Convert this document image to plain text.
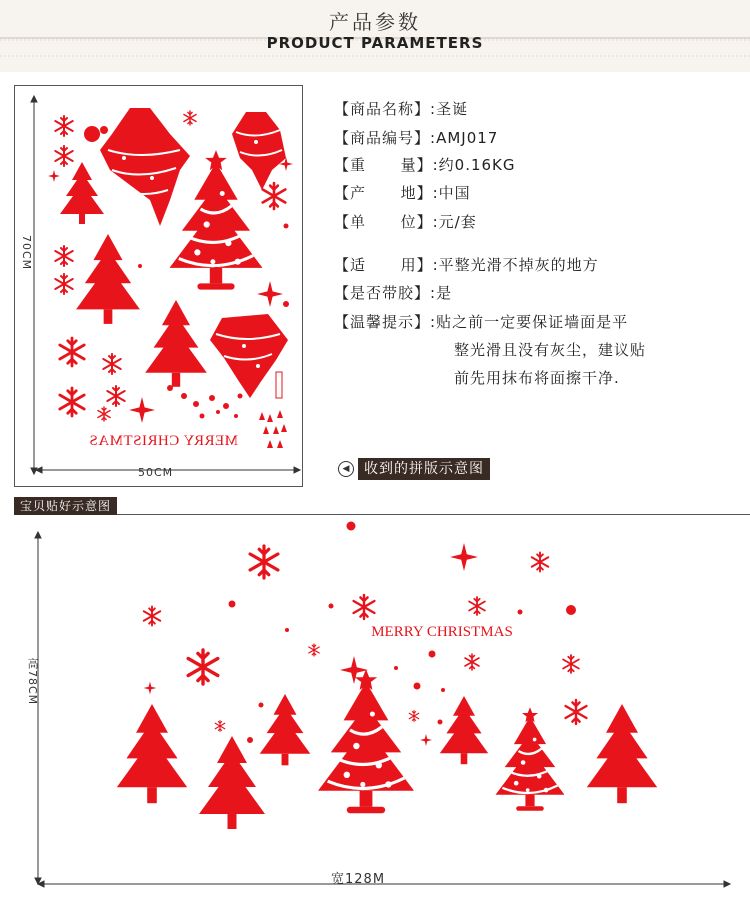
产品参数
PRODUCT PARAMETERS
70CM
50CM
MERRY CHRISTMAS
MERRY CHRISTMAS
【商品名称】:圣诞
【商品编号】:AMJ017
【重      量】:约0.16KG
【产      地】:中国
【单      位】:元/套
【适      用】:平整光滑不掉灰的地方
【是否带胶】:是
【温馨提示】:贴之前一定要保证墙面是平
整光滑且没有灰尘，建议贴
前先用抹布将面擦干净.
◀	收到的拼版示意图
宝贝贴好示意图
高78CM
宽128M
